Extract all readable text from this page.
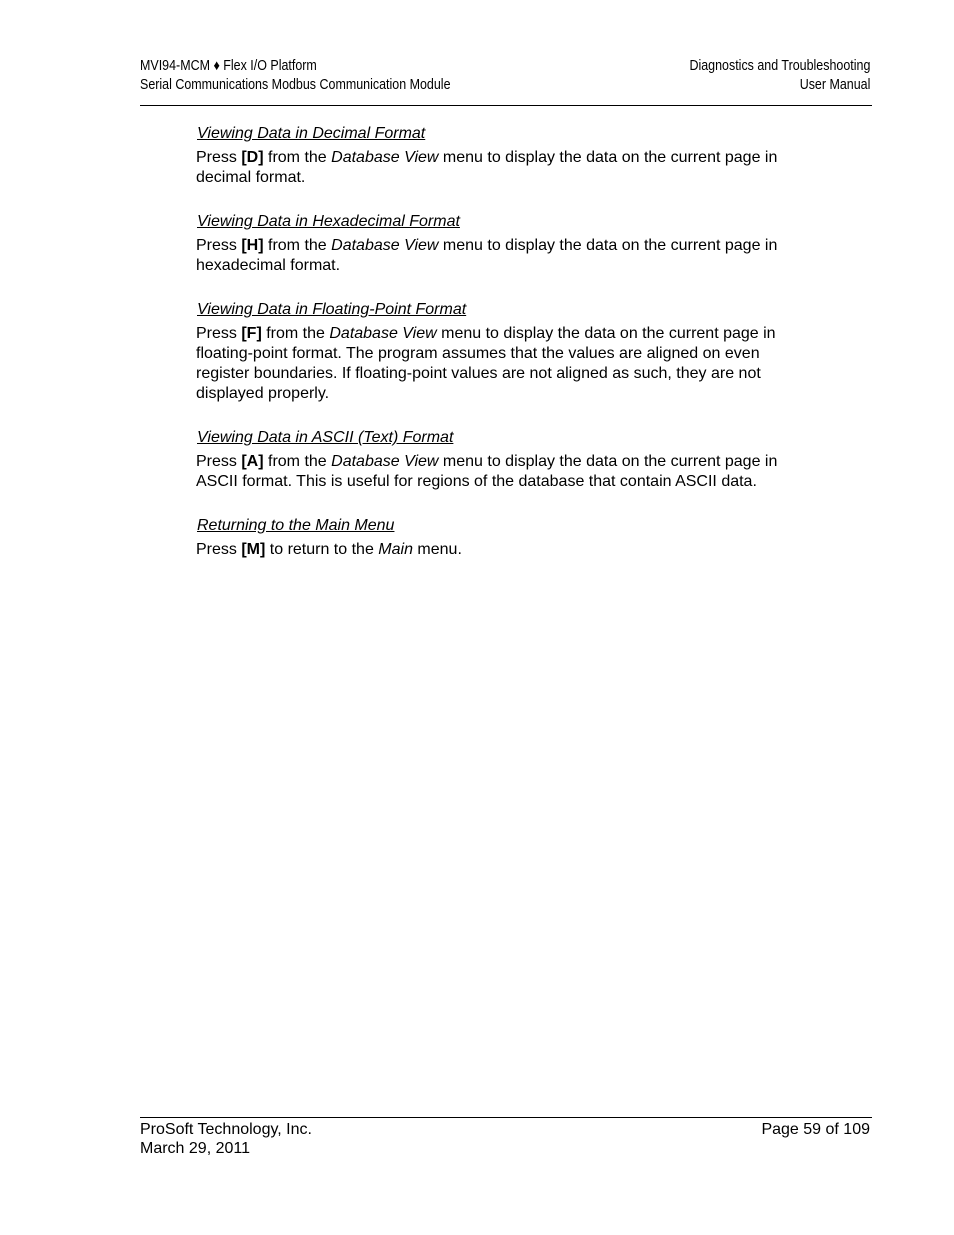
MVI94-MCM ♦ Flex I/O Platform
Serial Communications Modbus Communication Module
Diagnostics and Troubleshooting
User Manual
Viewing Data in Decimal Format

Press [D] from the Database View menu to display the data on the current page in decimal format.

Viewing Data in Hexadecimal Format

Press [H] from the Database View menu to display the data on the current page in hexadecimal format.

Viewing Data in Floating-Point Format

Press [F] from the Database View menu to display the data on the current page in floating-point format. The program assumes that the values are aligned on even register boundaries. If floating-point values are not aligned as such, they are not displayed properly.

Viewing Data in ASCII (Text) Format

Press [A] from the Database View menu to display the data on the current page in ASCII format. This is useful for regions of the database that contain ASCII data.

Returning to the Main Menu

Press [M] to return to the Main menu.

ProSoft Technology, Inc.
March 29, 2011
Page 59 of 109
